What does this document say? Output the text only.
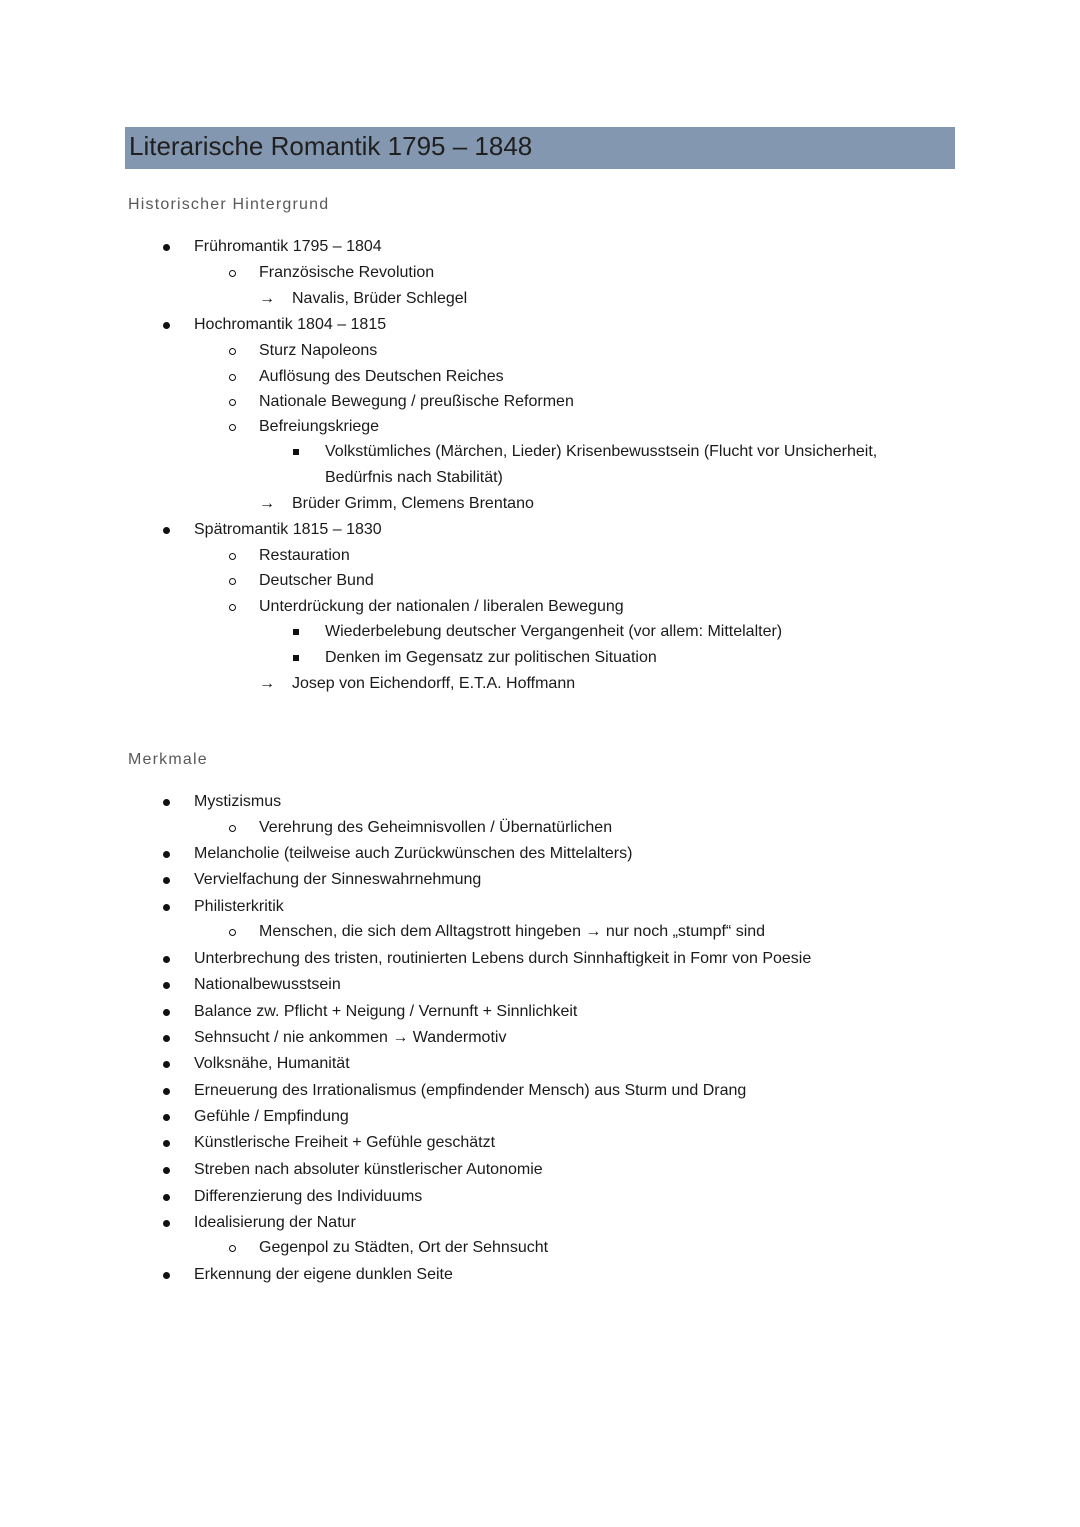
Literarische Romantik 1795 – 1848
Historischer Hintergrund
Frühromantik 1795 – 1804
Französische Revolution
→ Navalis, Brüder Schlegel
Hochromantik 1804 – 1815
Sturz Napoleons
Auflösung des Deutschen Reiches
Nationale Bewegung / preußische Reformen
Befreiungskriege
Volkstümliches (Märchen, Lieder) Krisenbewusstsein (Flucht vor Unsicherheit,
Bedürfnis nach Stabilität)
→ Brüder Grimm, Clemens Brentano
Spätromantik 1815 – 1830
Restauration
Deutscher Bund
Unterdrückung der nationalen / liberalen Bewegung
Wiederbelebung deutscher Vergangenheit (vor allem: Mittelalter)
Denken im Gegensatz zur politischen Situation
→ Josep von Eichendorff, E.T.A. Hoffmann
Merkmale
Mystizismus
Verehrung des Geheimnisvollen / Übernatürlichen
Melancholie (teilweise auch Zurückwünschen des Mittelalters)
Vervielfachung der Sinneswahrnehmung
Philisterkritik
Menschen, die sich dem Alltagstrott hingeben → nur noch „stumpf“ sind
Unterbrechung des tristen, routinierten Lebens durch Sinnhaftigkeit in Fomr von Poesie
Nationalbewusstsein
Balance zw. Pflicht + Neigung / Vernunft + Sinnlichkeit
Sehnsucht / nie ankommen → Wandermotiv
Volksnähe, Humanität
Erneuerung des Irrationalismus (empfindender Mensch) aus Sturm und Drang
Gefühle / Empfindung
Künstlerische Freiheit + Gefühle geschätzt
Streben nach absoluter künstlerischer Autonomie
Differenzierung des Individuums
Idealisierung der Natur
Gegenpol zu Städten, Ort der Sehnsucht
Erkennung der eigene dunklen Seite
